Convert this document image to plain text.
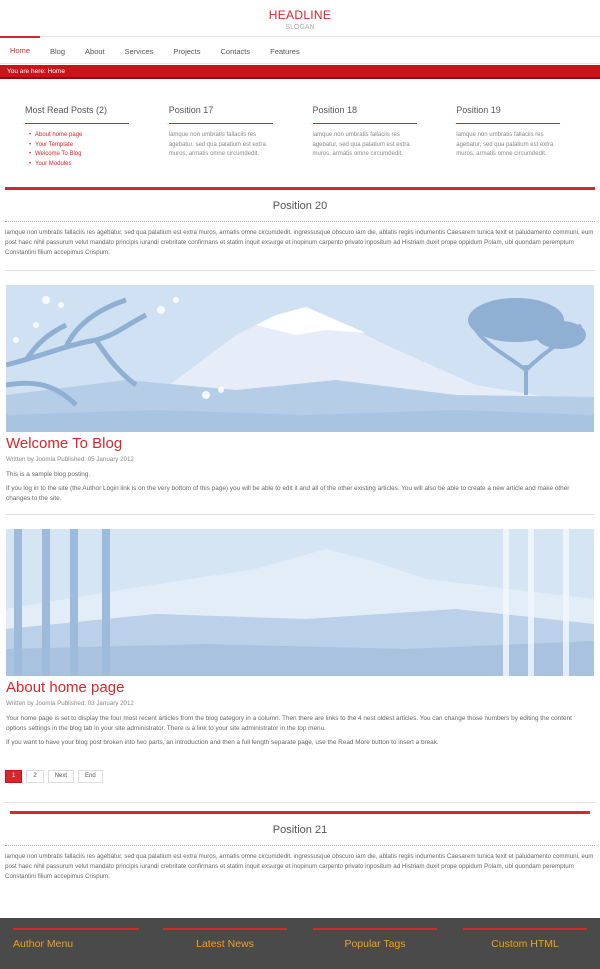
HEADLINE
SLOGAN
Home	Blog	About	Services	Projects	Contacts	Features
You are here: Home
Most Read Posts (2)
• About home page
• Your Template
• Welcome To Blog
• Your Modules
Position 17
lamque non umbratis fallaciis res agebatur, sed qua palatium est extra muros, armatis omne circumdedit.
Position 18
lamque non umbratis fallaciis res agebatur, sed qua palatium est extra muros, armatis omne circumdedit.
Position 19
lamque non umbratis fallaciis res agebatur, sed qua palatium est extra muros, armatis omne circumdedit.
Position 20
lamque non umbratis fallaciis res agebatur, sed qua palatium est extra muros, armatis omne circumdedit. ingressusque obscuro iam die, ablatis regiis indumentis Caesarem tunica texit et paludamento communi, eum post haec nihil passurum velut mandato principis iurandi crebritate confirmans et statim inquit exsurge et inopinum carpento privato inpositum ad Histriam duxit prope oppidum Polam, ubi quondam peremptum Constantini filium accepimus Crispum.
Welcome To Blog
Written by Joomla Published: 05 January 2012
This is a sample blog posting.
If you log in to the site (the Author Login link is on the very bottom of this page) you will be able to edit it and all of the other existing articles. You will also be able to create a new article and make other changes to the site.
About home page
Written by Joomla Published: 03 January 2012
Your home page is set to display the four most recent articles from the blog category in a column. Then there are links to the 4 nest oldest articles. You can change those numbers by editing the content options settings in the blog tab in your site administrator. There is a link to your site administrator in the top menu.
If you want to have your blog post broken into two parts, an introduction and then a full length separate page, use the Read More button to insert a break.
1	2	Next	End
Position 21
lamque non umbratis fallaciis res agebatur, sed qua palatium est extra muros, armatis omne circumdedit. ingressusque obscuro iam die, ablatis regiis indumentis Caesarem tunica texit et paludamento communi, eum post haec nihil passurum velut mandato principis iurandi crebritate confirmans et statim inquit exsurge et inopinum carpento privato inpositum ad Histriam duxit prope oppidum Polam, ubi quondam peremptum Constantini filium accepimus Crispum.
Author Menu	Latest News	Popular Tags	Custom HTML
